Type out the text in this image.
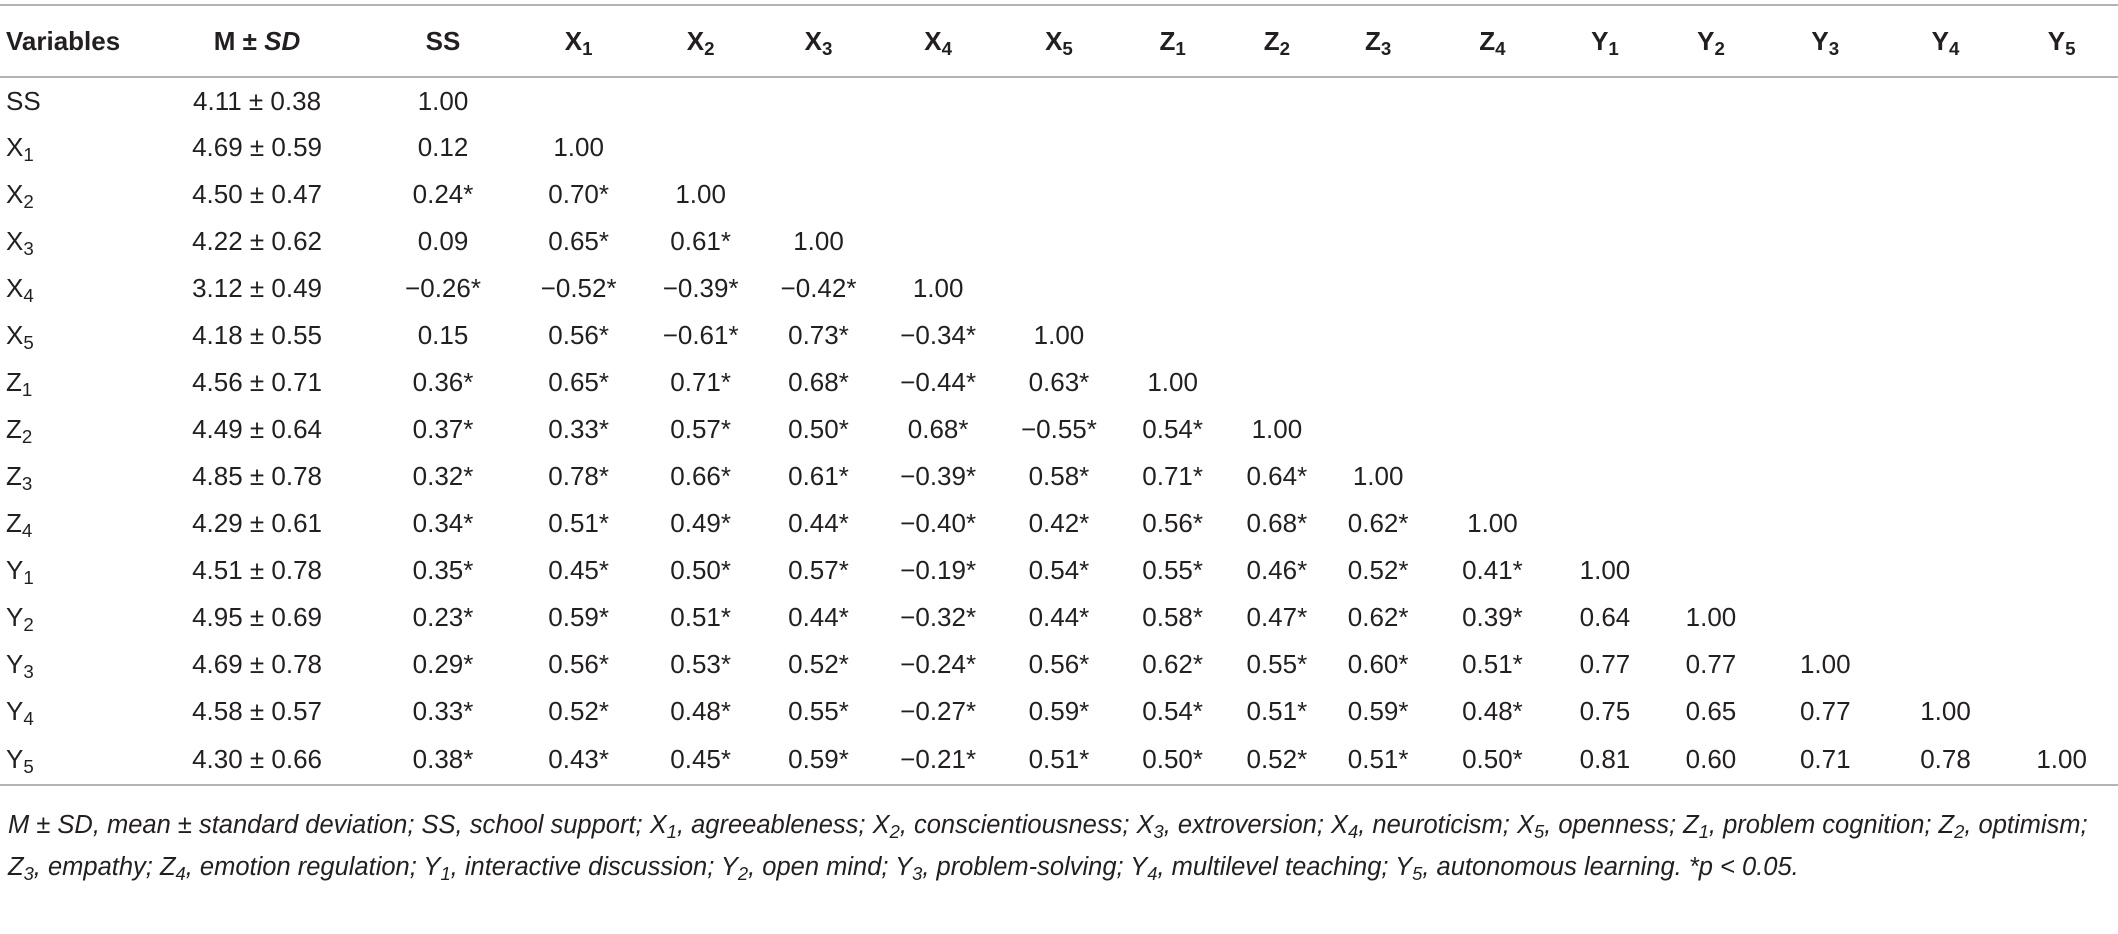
Variables	M ± SD	SS	$X_1$	$X_2$	$X_3$	$X_4$	$X_5$	$Z_1$	$Z_2$	$Z_3$	$Z_4$	$Y_1$	$Y_2$	$Y_3$	$Y_4$	$Y_5$
SS	4.11 ± 0.38	1.00														
$X_1$	4.69 ± 0.59	0.12	1.00													
$X_2$	4.50 ± 0.47	0.24*	0.70*	1.00												
$X_3$	4.22 ± 0.62	0.09	0.65*	0.61*	1.00											
$X_4$	3.12 ± 0.49	−0.26*	−0.52*	−0.39*	−0.42*	1.00										
$X_5$	4.18 ± 0.55	0.15	0.56*	−0.61*	0.73*	−0.34*	1.00									
$Z_1$	4.56 ± 0.71	0.36*	0.65*	0.71*	0.68*	−0.44*	0.63*	1.00								
$Z_2$	4.49 ± 0.64	0.37*	0.33*	0.57*	0.50*	0.68*	−0.55*	0.54*	1.00							
$Z_3$	4.85 ± 0.78	0.32*	0.78*	0.66*	0.61*	−0.39*	0.58*	0.71*	0.64*	1.00						
$Z_4$	4.29 ± 0.61	0.34*	0.51*	0.49*	0.44*	−0.40*	0.42*	0.56*	0.68*	0.62*	1.00					
$Y_1$	4.51 ± 0.78	0.35*	0.45*	0.50*	0.57*	−0.19*	0.54*	0.55*	0.46*	0.52*	0.41*	1.00				
$Y_2$	4.95 ± 0.69	0.23*	0.59*	0.51*	0.44*	−0.32*	0.44*	0.58*	0.47*	0.62*	0.39*	0.64	1.00			
$Y_3$	4.69 ± 0.78	0.29*	0.56*	0.53*	0.52*	−0.24*	0.56*	0.62*	0.55*	0.60*	0.51*	0.77	0.77	1.00		
$Y_4$	4.58 ± 0.57	0.33*	0.52*	0.48*	0.55*	−0.27*	0.59*	0.54*	0.51*	0.59*	0.48*	0.75	0.65	0.77	1.00	
$Y_5$	4.30 ± 0.66	0.38*	0.43*	0.45*	0.59*	−0.21*	0.51*	0.50*	0.52*	0.51*	0.50*	0.81	0.60	0.71	0.78	1.00

M ± SD, mean ± standard deviation; SS, school support; $X_1$, agreeableness; $X_2$, conscientiousness; $X_3$, extroversion; $X_4$, neuroticism; $X_5$, openness; $Z_1$, problem cognition; $Z_2$, optimism; $Z_3$, empathy; $Z_4$, emotion regulation; $Y_1$, interactive discussion; $Y_2$, open mind; $Y_3$, problem-solving; $Y_4$, multilevel teaching; $Y_5$, autonomous learning. *p < 0.05.
